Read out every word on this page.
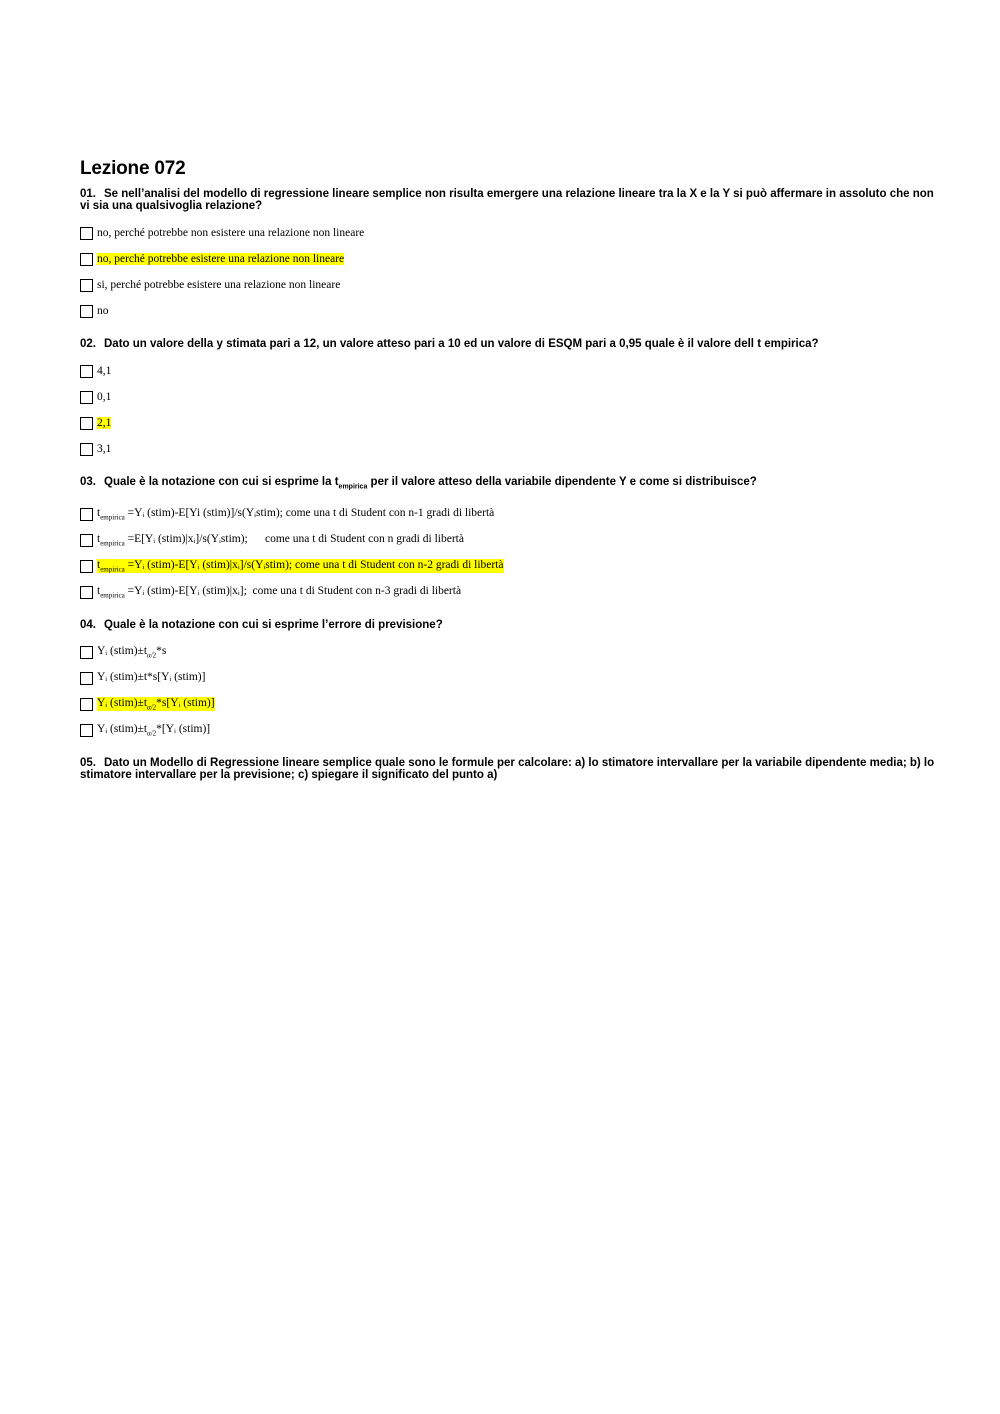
Lezione 072

01. Se nell’analisi del modello di regressione lineare semplice non risulta emergere una relazione lineare tra la X e la Y si può affermare in assoluto che non vi sia una qualsivoglia relazione?

no, perché potrebbe non esistere una relazione non lineare
no, perché potrebbe esistere una relazione non lineare
si, perché potrebbe esistere una relazione non lineare
no

02. Dato un valore della y stimata pari a 12, un valore atteso pari a 10 ed un valore di ESQM pari a 0,95 quale è il valore dell t empirica?

4,1
0,1
2,1
3,1

03. Quale è la notazione con cui si esprime la $t_{empirica}$ per il valore atteso della variabile dipendente Y e come si distribuisce?

$t_{empirica}$ =Yᵢ (stim)-E[Yi (stim)]/s(Yᵢstim); come una t di Student con n-1 gradi di libertà
$t_{empirica}$ =E[Yᵢ (stim)|xᵢ]/s(Yᵢstim);      come una t di Student con n gradi di libertà
$t_{empirica}$ =Yᵢ (stim)-E[Yᵢ (stim)|xᵢ]/s(Yᵢstim); come una t di Student con n-2 gradi di libertà
$t_{empirica}$ =Yᵢ (stim)-E[Yᵢ (stim)|xᵢ];  come una t di Student con n-3 gradi di libertà

04. Quale è la notazione con cui si esprime l’errore di previsione?

Yᵢ $(stim)\pm t_{\alpha/2}*s$
Yᵢ (stim)±t*s[Yᵢ (stim)]
Yᵢ $(stim)\pm t_{\alpha/2}*s[Yᵢ$ (stim)]
Yᵢ $(stim)\pm t_{\alpha/2}*[Yᵢ$ (stim)]

05. Dato un Modello di Regressione lineare semplice quale sono le formule per calcolare: a) lo stimatore intervallare per la variabile dipendente media; b) lo stimatore intervallare per la previsione; c) spiegare il significato del punto a)
